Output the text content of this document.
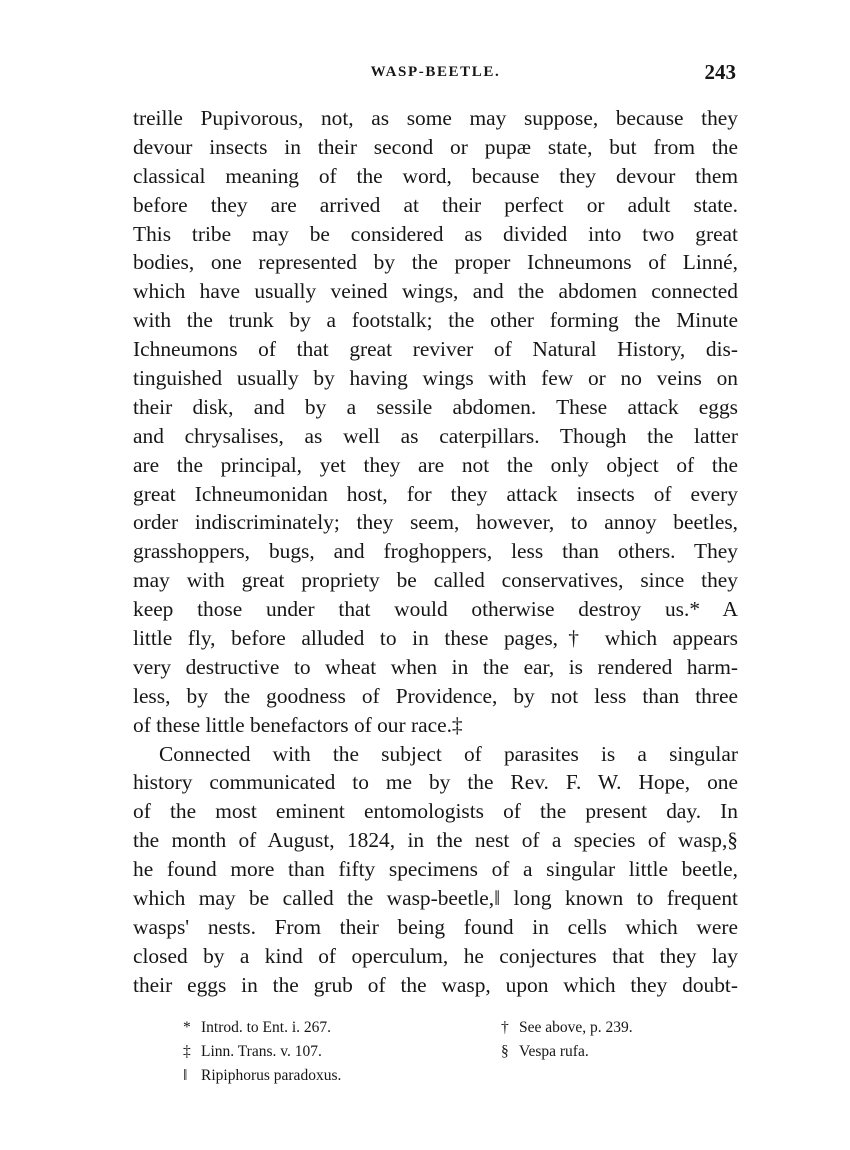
WASP-BEETLE.	243
treille Pupivorous, not, as some may suppose, because they
devour insects in their second or pupæ state, but from the
classical meaning of the word, because they devour them
before they are arrived at their perfect or adult state.
This tribe may be considered as divided into two great
bodies, one represented by the proper Ichneumons of Linné,
which have usually veined wings, and the abdomen connected
with the trunk by a footstalk; the other forming the Minute
Ichneumons of that great reviver of Natural History, dis-
tinguished usually by having wings with few or no veins on
their disk, and by a sessile abdomen. These attack eggs
and chrysalises, as well as caterpillars. Though the latter
are the principal, yet they are not the only object of the
great Ichneumonidan host, for they attack insects of every
order indiscriminately; they seem, however, to annoy beetles,
grasshoppers, bugs, and froghoppers, less than others. They
may with great propriety be called conservatives, since they
keep those under that would otherwise destroy us.* A
little fly, before alluded to in these pages,† which appears
very destructive to wheat when in the ear, is rendered harm-
less, by the goodness of Providence, by not less than three
of these little benefactors of our race.‡
Connected with the subject of parasites is a singular
history communicated to me by the Rev. F. W. Hope, one
of the most eminent entomologists of the present day. In
the month of August, 1824, in the nest of a species of wasp,§
he found more than fifty specimens of a singular little beetle,
which may be called the wasp-beetle,‖ long known to frequent
wasps' nests. From their being found in cells which were
closed by a kind of operculum, he conjectures that they lay
their eggs in the grub of the wasp, upon which they doubt-
* Introd. to Ent. i. 267.	† See above, p. 239.
‡ Linn. Trans. v. 107.	§ Vespa rufa.
‖ Ripiphorus paradoxus.
